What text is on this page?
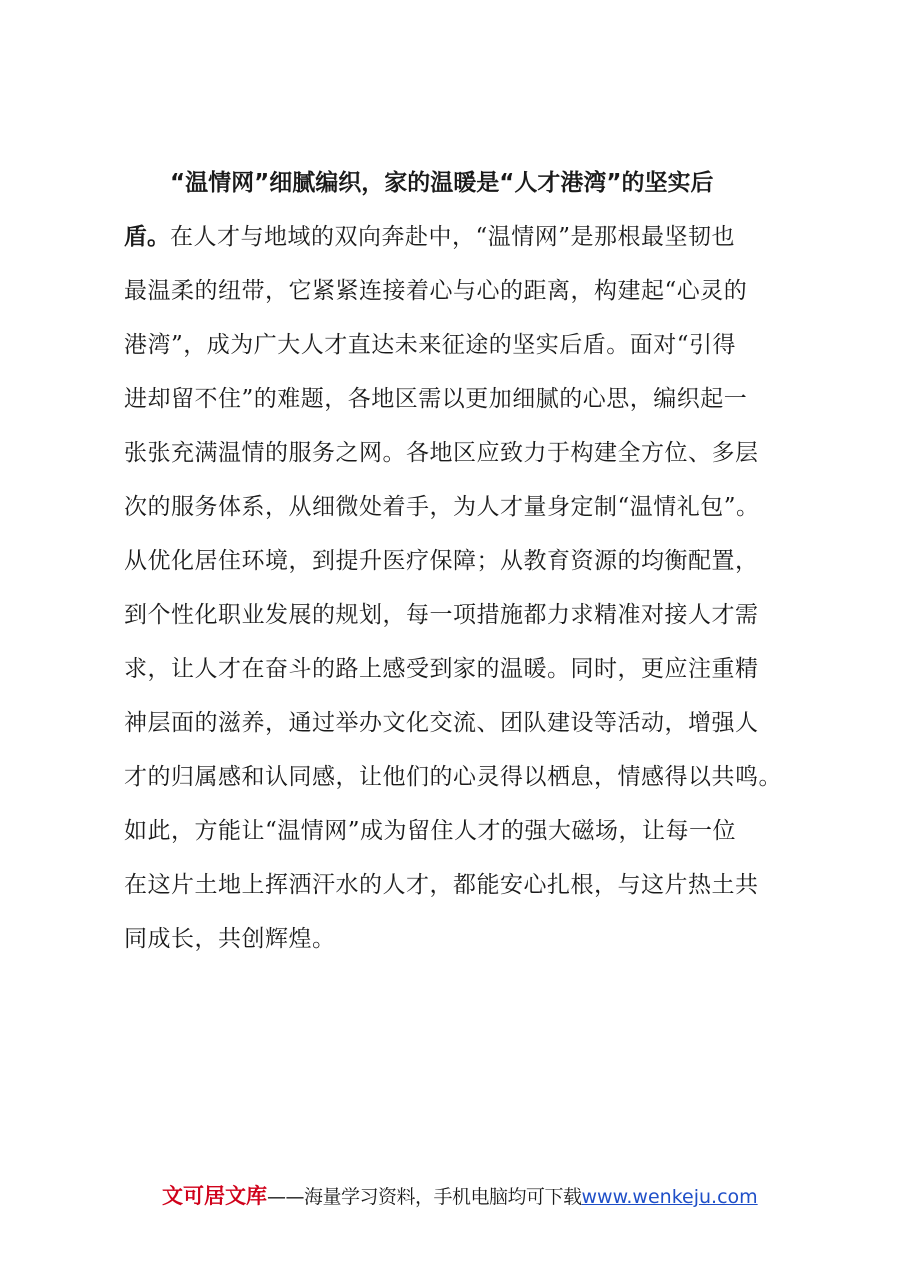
“温情网”细腻编织，家的温暖是“人才港湾”的坚实后
盾。在人才与地域的双向奔赴中，“温情网”是那根最坚韧也
最温柔的纽带，它紧紧连接着心与心的距离，构建起“心灵的
港湾”，成为广大人才直达未来征途的坚实后盾。面对“引得
进却留不住”的难题，各地区需以更加细腻的心思，编织起一
张张充满温情的服务之网。各地区应致力于构建全方位、多层
次的服务体系，从细微处着手，为人才量身定制“温情礼包”。
从优化居住环境，到提升医疗保障；从教育资源的均衡配置，
到个性化职业发展的规划，每一项措施都力求精准对接人才需
求，让人才在奋斗的路上感受到家的温暖。同时，更应注重精
神层面的滋养，通过举办文化交流、团队建设等活动，增强人
才的归属感和认同感，让他们的心灵得以栖息，情感得以共鸣。
如此，方能让“温情网”成为留住人才的强大磁场，让每一位
在这片土地上挥洒汗水的人才，都能安心扎根，与这片热土共
同成长，共创辉煌。
文可居文库——海量学习资料，手机电脑均可下载www.wenkeju.com
